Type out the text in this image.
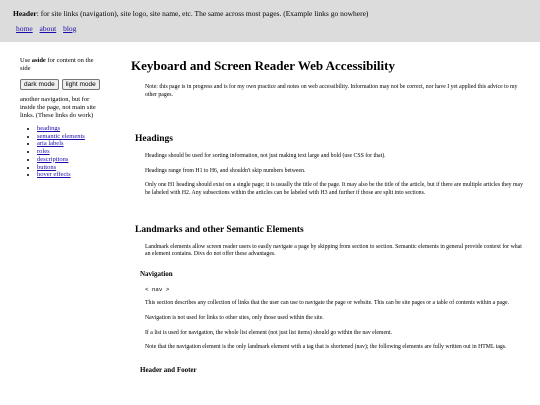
Header: for site links (navigation), site logo, site name, etc. The same across most pages. (Example links go nowhere)
home about blog
Use aside for content on the side
dark mode	light mode
another navigation, but for inside the page, not main site links. (These links do work)
• headings
• semantic elements
• aria labels
• roles
• descriptions
• buttons
• hover effects
Keyboard and Screen Reader Web Accessibility
Note: this page is in progress and is for my own practice and notes on web accessibility. Information may not be correct, nor have I yet applied this advice to my other pages.
Headings
Headings should be used for sorting information, not just making text large and bold (use CSS for that).
Headings range from H1 to H6, and shouldn't skip numbers between.
Only one H1 heading should exist on a single page; it is usually the title of the page. It may also be the title of the article, but if there are multiple articles they may be labeled with H2. Any subsections within the articles can be labeled with H3 and further if those are split into sections.
Landmarks and other Semantic Elements
Landmark elements allow screen reader users to easily navigate a page by skipping from section to section. Semantic elements in general provide context for what an element contains. Divs do not offer these advantages.
Navigation
< nav >
This section describes any collection of links that the user can use to navigate the page or website. This can be site pages or a table of contents within a page.
Navigation is not used for links to other sites, only those used within the site.
If a list is used for navigation, the whole list element (not just list items) should go within the nav element.
Note that the navigation element is the only landmark element with a tag that is shortened (nav); the following elements are fully written out in HTML tags.
Header and Footer
